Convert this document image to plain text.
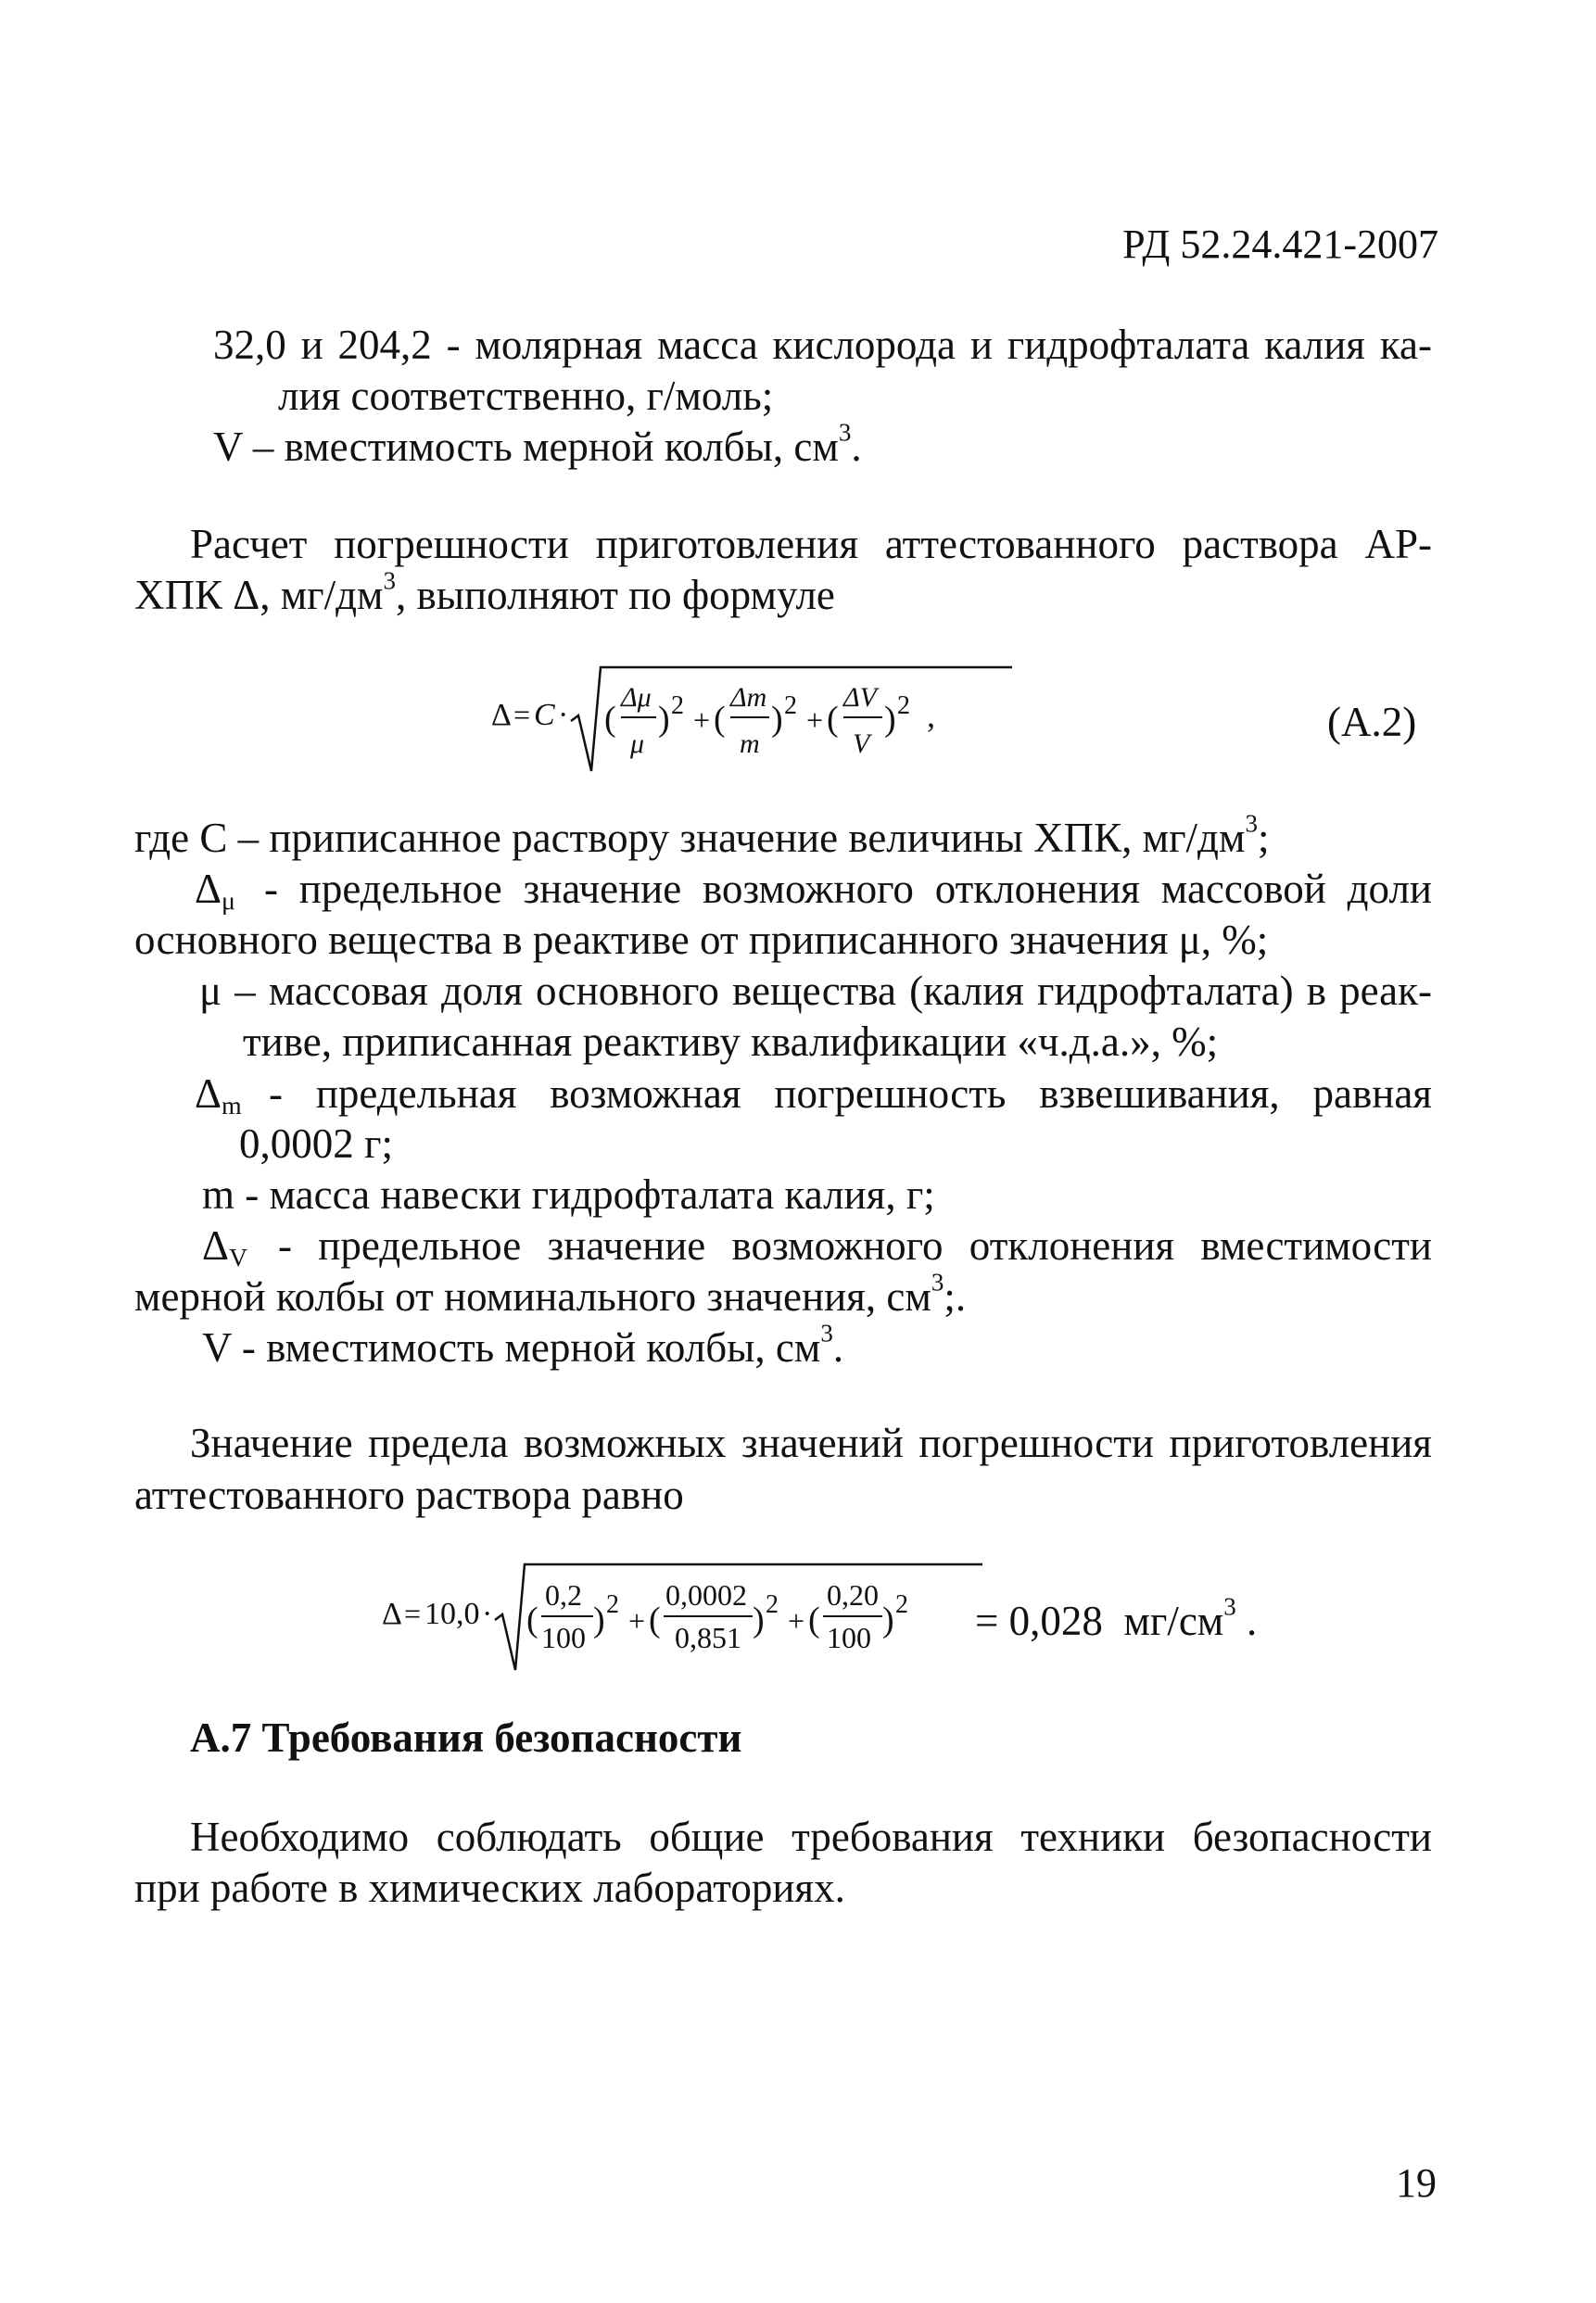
РД 52.24.421-2007
32,0 и 204,2 - молярная масса кислорода и гидрофталата калия ка-
лия соответственно, г/моль;
V – вместимость мерной колбы, $см^3$.
Расчет погрешности приготовления аттестованного раствора АР-
ХПК Δ, $мг/дм^3$, выполняют по формуле
Δ = C · (
Δμ
μ
) 2 + (
Δm
m
) 2 + (
ΔV
V
) 2 ,	(А.2)
где C – приписанное раствору значение величины ХПК, $мг/дм^3$;
$\Delta_\mu$ - предельное значение возможного отклонения массовой доли
основного вещества в реактиве от приписанного значения μ, %;
μ – массовая доля основного вещества (калия гидрофталата) в реак-
тиве, приписанная реактиву квалификации «ч.д.а.», %;
$\Delta_m$ - предельная возможная погрешность взвешивания, равная
0,0002 г;
m - масса навески гидрофталата калия, г;
$\Delta_V$ - предельное значение возможного отклонения вместимости
мерной колбы от номинального значения, $см^3$;.
V - вместимость мерной колбы, $см^3$.
Значение предела возможных значений погрешности приготовления
аттестованного раствора равно
Δ = 10,0 · (
0,2
100 ) 2 + (
0,0002
0,851 ) 2 + (
0,20
100 ) 2 = 0,028 $мг/см^3$ .
А.7 Требования безопасности
Необходимо соблюдать общие требования техники безопасности
при работе в химических лабораториях.
19
